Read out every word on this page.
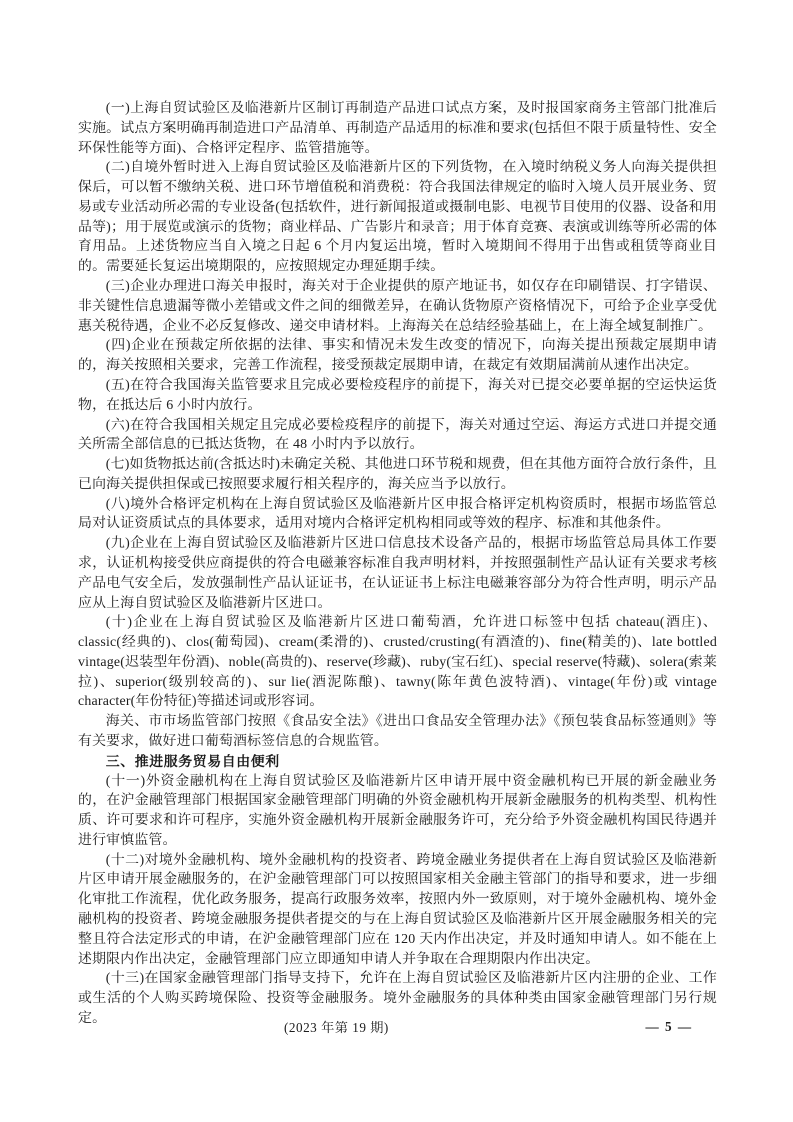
(一)上海自贸试验区及临港新片区制订再制造产品进口试点方案，及时报国家商务主管部门批准后实施。试点方案明确再制造进口产品清单、再制造产品适用的标准和要求(包括但不限于质量特性、安全环保性能等方面)、合格评定程序、监管措施等。

(二)自境外暂时进入上海自贸试验区及临港新片区的下列货物，在入境时纳税义务人向海关提供担保后，可以暂不缴纳关税、进口环节增值税和消费税：符合我国法律规定的临时入境人员开展业务、贸易或专业活动所必需的专业设备(包括软件，进行新闻报道或摄制电影、电视节目使用的仪器、设备和用品等)；用于展览或演示的货物；商业样品、广告影片和录音；用于体育竞赛、表演或训练等所必需的体育用品。上述货物应当自入境之日起 6 个月内复运出境，暂时入境期间不得用于出售或租赁等商业目的。需要延长复运出境期限的，应按照规定办理延期手续。

(三)企业办理进口海关申报时，海关对于企业提供的原产地证书，如仅存在印刷错误、打字错误、非关键性信息遗漏等微小差错或文件之间的细微差异，在确认货物原产资格情况下，可给予企业享受优惠关税待遇，企业不必反复修改、递交申请材料。上海海关在总结经验基础上，在上海全域复制推广。

(四)企业在预裁定所依据的法律、事实和情况未发生改变的情况下，向海关提出预裁定展期申请的，海关按照相关要求，完善工作流程，接受预裁定展期申请，在裁定有效期届满前从速作出决定。

(五)在符合我国海关监管要求且完成必要检疫程序的前提下，海关对已提交必要单据的空运快运货物，在抵达后 6 小时内放行。

(六)在符合我国相关规定且完成必要检疫程序的前提下，海关对通过空运、海运方式进口并提交通关所需全部信息的已抵达货物，在 48 小时内予以放行。

(七)如货物抵达前(含抵达时)未确定关税、其他进口环节税和规费，但在其他方面符合放行条件，且已向海关提供担保或已按照要求履行相关程序的，海关应当予以放行。

(八)境外合格评定机构在上海自贸试验区及临港新片区申报合格评定机构资质时，根据市场监管总局对认证资质试点的具体要求，适用对境内合格评定机构相同或等效的程序、标准和其他条件。

(九)企业在上海自贸试验区及临港新片区进口信息技术设备产品的，根据市场监管总局具体工作要求，认证机构接受供应商提供的符合电磁兼容标准自我声明材料，并按照强制性产品认证有关要求考核产品电气安全后，发放强制性产品认证证书，在认证证书上标注电磁兼容部分为符合性声明，明示产品应从上海自贸试验区及临港新片区进口。

(十)企业在上海自贸试验区及临港新片区进口葡萄酒，允许进口标签中包括 chateau(酒庄)、classic(经典的)、clos(葡萄园)、cream(柔滑的)、crusted/crusting(有酒渣的)、fine(精美的)、late bottled vintage(迟装型年份酒)、noble(高贵的)、reserve(珍藏)、ruby(宝石红)、special reserve(特藏)、solera(索莱拉)、superior(级别较高的)、sur lie(酒泥陈酿)、tawny(陈年黄色波特酒)、vintage(年份)或 vintage character(年份特征)等描述词或形容词。

海关、市市场监管部门按照《食品安全法》《进出口食品安全管理办法》《预包装食品标签通则》等有关要求，做好进口葡萄酒标签信息的合规监管。

三、推进服务贸易自由便利

(十一)外资金融机构在上海自贸试验区及临港新片区申请开展中资金融机构已开展的新金融业务的，在沪金融管理部门根据国家金融管理部门明确的外资金融机构开展新金融服务的机构类型、机构性质、许可要求和许可程序，实施外资金融机构开展新金融服务许可，充分给予外资金融机构国民待遇并进行审慎监管。

(十二)对境外金融机构、境外金融机构的投资者、跨境金融业务提供者在上海自贸试验区及临港新片区申请开展金融服务的，在沪金融管理部门可以按照国家相关金融主管部门的指导和要求，进一步细化审批工作流程，优化政务服务，提高行政服务效率，按照内外一致原则，对于境外金融机构、境外金融机构的投资者、跨境金融服务提供者提交的与在上海自贸试验区及临港新片区开展金融服务相关的完整且符合法定形式的申请，在沪金融管理部门应在 120 天内作出决定，并及时通知申请人。如不能在上述期限内作出决定，金融管理部门应立即通知申请人并争取在合理期限内作出决定。

(十三)在国家金融管理部门指导支持下，允许在上海自贸试验区及临港新片区内注册的企业、工作或生活的个人购买跨境保险、投资等金融服务。境外金融服务的具体种类由国家金融管理部门另行规定。

(2023 年第 19 期)	— 5 —
